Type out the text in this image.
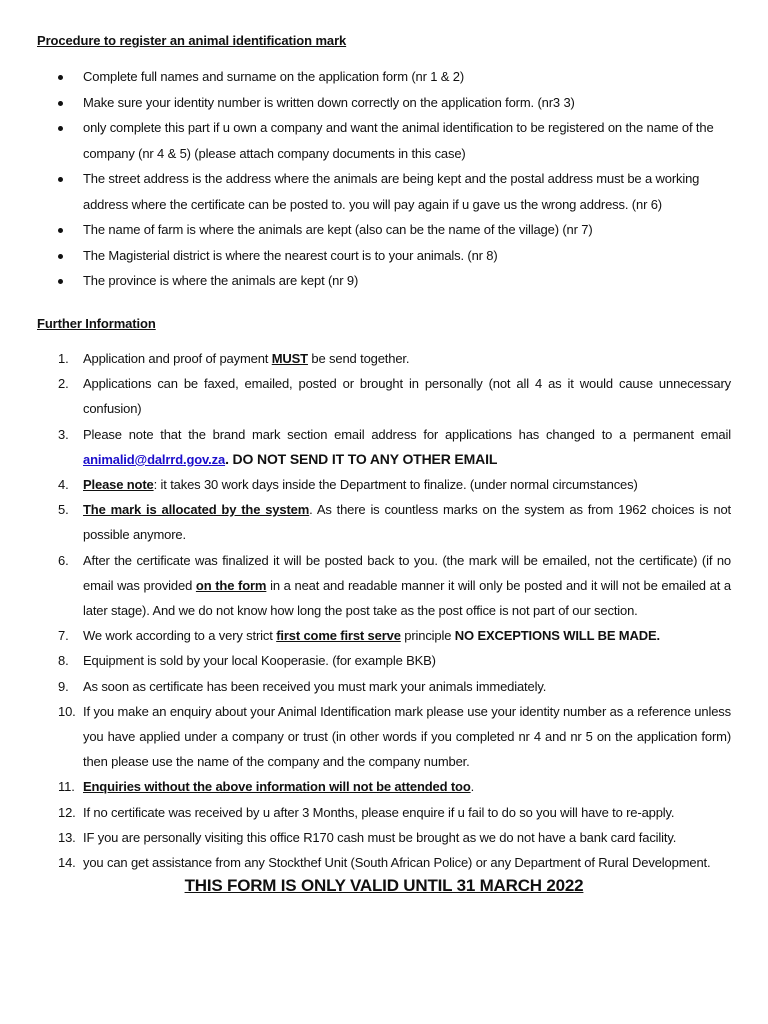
Procedure to register an animal identification mark
Complete full names and surname on the application form (nr 1 & 2)
Make sure your identity number is written down correctly on the application form. (nr3 3)
only complete this part if u own a company and want the animal identification to be registered on the name of the company (nr 4 & 5) (please attach company documents in this case)
The street address is the address where the animals are being kept and the postal address must be a working address where the certificate can be posted to. you will pay again if u gave us the wrong address. (nr 6)
The name of farm is where the animals are kept (also can be the name of the village) (nr 7)
The Magisterial district is where the nearest court is to your animals. (nr 8)
The province is where the animals are kept (nr 9)
Further Information
1.	Application and proof of payment MUST be send together.
2.	Applications can be faxed, emailed, posted or brought in personally (not all 4 as it would cause unnecessary confusion)
3.	Please note that the brand mark section email address for applications has changed to a permanent email animalid@dalrrd.gov.za. DO NOT SEND IT TO ANY OTHER EMAIL
4.	Please note: it takes 30 work days inside the Department to finalize. (under normal circumstances)
5.	The mark is allocated by the system. As there is countless marks on the system as from 1962 choices is not possible anymore.
6.	After the certificate was finalized it will be posted back to you. (the mark will be emailed, not the certificate) (if no email was provided on the form in a neat and readable manner it will only be posted and it will not be emailed at a later stage). And we do not know how long the post take as the post office is not part of our section.
7.	We work according to a very strict first come first serve principle NO EXCEPTIONS WILL BE MADE.
8.	Equipment is sold by your local Kooperasie. (for example BKB)
9.	As soon as certificate has been received you must mark your animals immediately.
10. If you make an enquiry about your Animal Identification mark please use your identity number as a reference unless you have applied under a company or trust (in other words if you completed nr 4 and nr 5 on the application form) then please use the name of the company and the company number.
11. Enquiries without the above information will not be attended too.
12. If no certificate was received by u after 3 Months, please enquire if u fail to do so you will have to re-apply.
13. IF you are personally visiting this office R170 cash must be brought as we do not have a bank card facility.
14. you can get assistance from any Stockthef Unit (South African Police) or any Department of Rural Development.

THIS FORM IS ONLY VALID UNTIL 31 MARCH 2022
